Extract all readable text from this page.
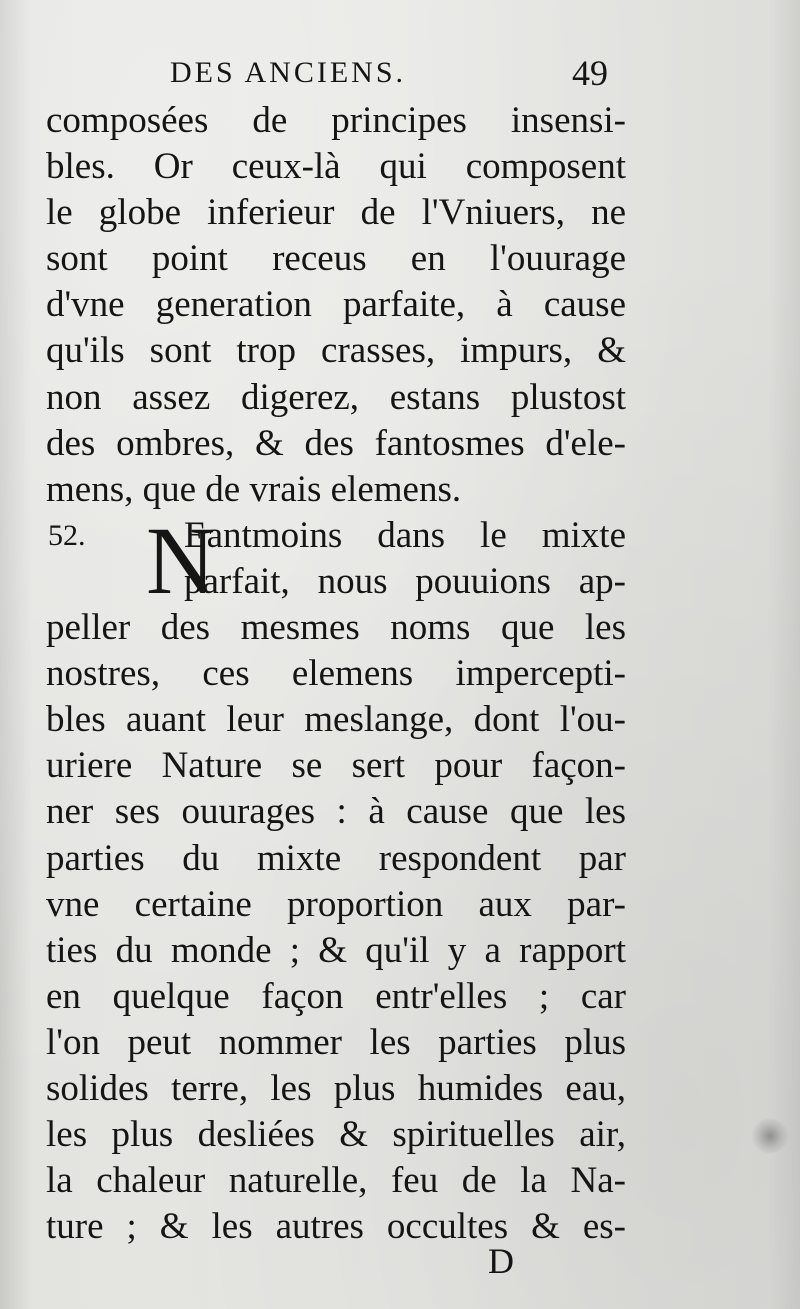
DES ANCIENS.	49
composées de principes insensi-
bles. Or ceux-là qui composent
le globe inferieur de l'Vniuers, ne
sont point receus en l'ouurage
d'vne generation parfaite, à cause
qu'ils sont trop crasses, impurs, &
non assez digerez, estans plustost
des ombres, & des fantosmes d'ele-
mens, que de vrais elemens.
52. N
Eantmoins dans le mixte
parfait, nous pouuions ap-
peller des mesmes noms que les
nostres, ces elemens impercepti-
bles auant leur meslange, dont l'ou-
uriere Nature se sert pour façon-
ner ses ouurages : à cause que les
parties du mixte respondent par
vne certaine proportion aux par-
ties du monde ; & qu'il y a rapport
en quelque façon entr'elles ; car
l'on peut nommer les parties plus
solides terre, les plus humides eau,
les plus desliées & spirituelles air,
la chaleur naturelle, feu de la Na-
ture ; & les autres occultes & es-
D
